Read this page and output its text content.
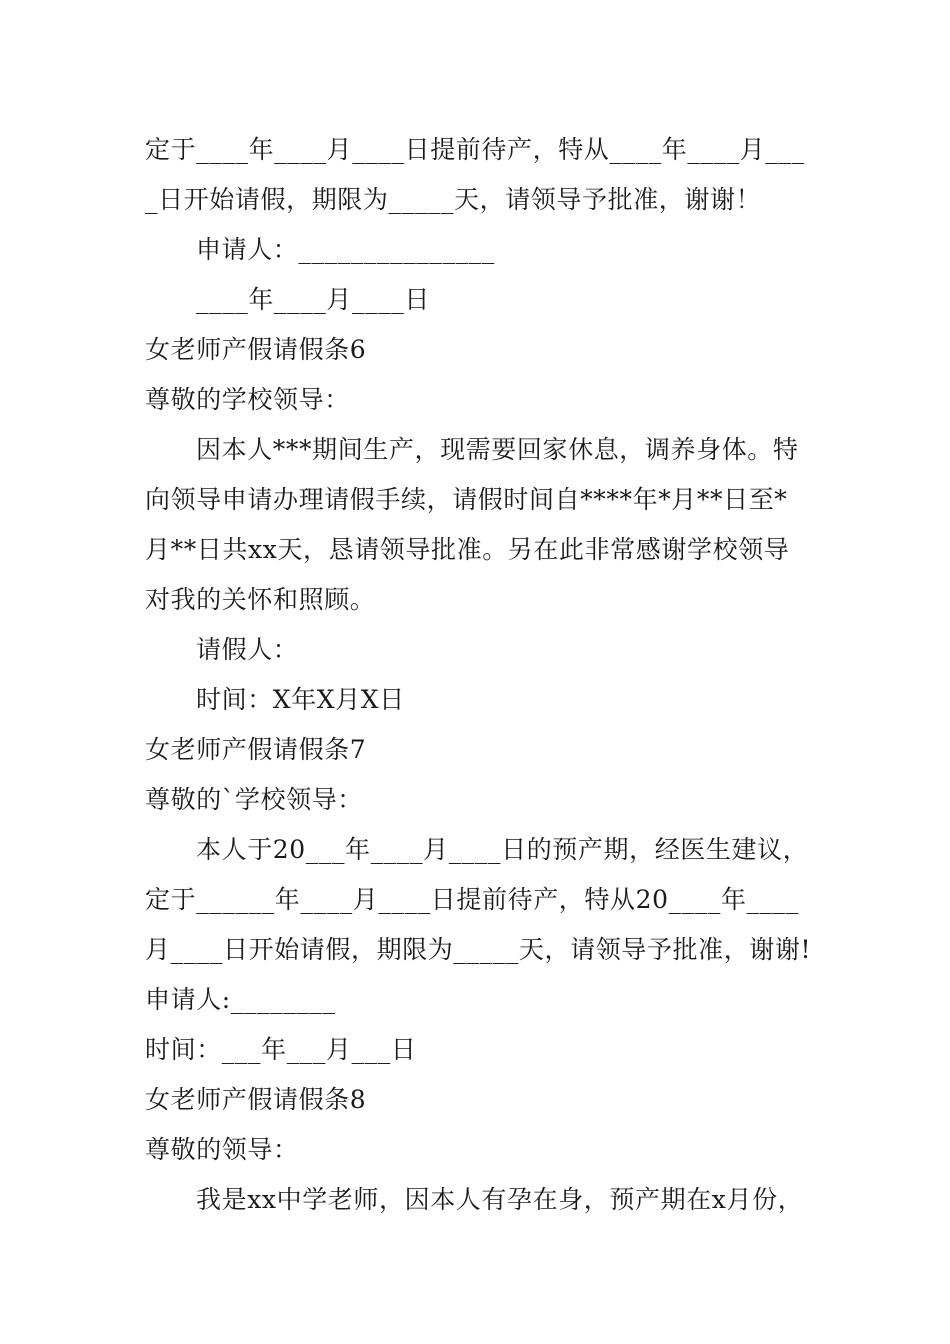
定于____年____月____日提前待产，特从____年____月___
_日开始请假，期限为_____天，请领导予批准，谢谢！
申请人：_______________
____年____月____日
女老师产假请假条6
尊敬的学校领导：
因本人***期间生产，现需要回家休息，调养身体。特
向领导申请办理请假手续，请假时间自****年*月**日至*
月**日共xx天，恳请领导批准。另在此非常感谢学校领导
对我的关怀和照顾。
请假人：
时间：X年X月X日
女老师产假请假条7
尊敬的`学校领导：
本人于20___年____月____日的预产期，经医生建议，
定于______年____月____日提前待产，特从20____年____
月____日开始请假，期限为_____天，请领导予批准，谢谢!
申请人:________
时间：___年___月___日
女老师产假请假条8
尊敬的领导：
我是xx中学老师，因本人有孕在身，预产期在x月份，
